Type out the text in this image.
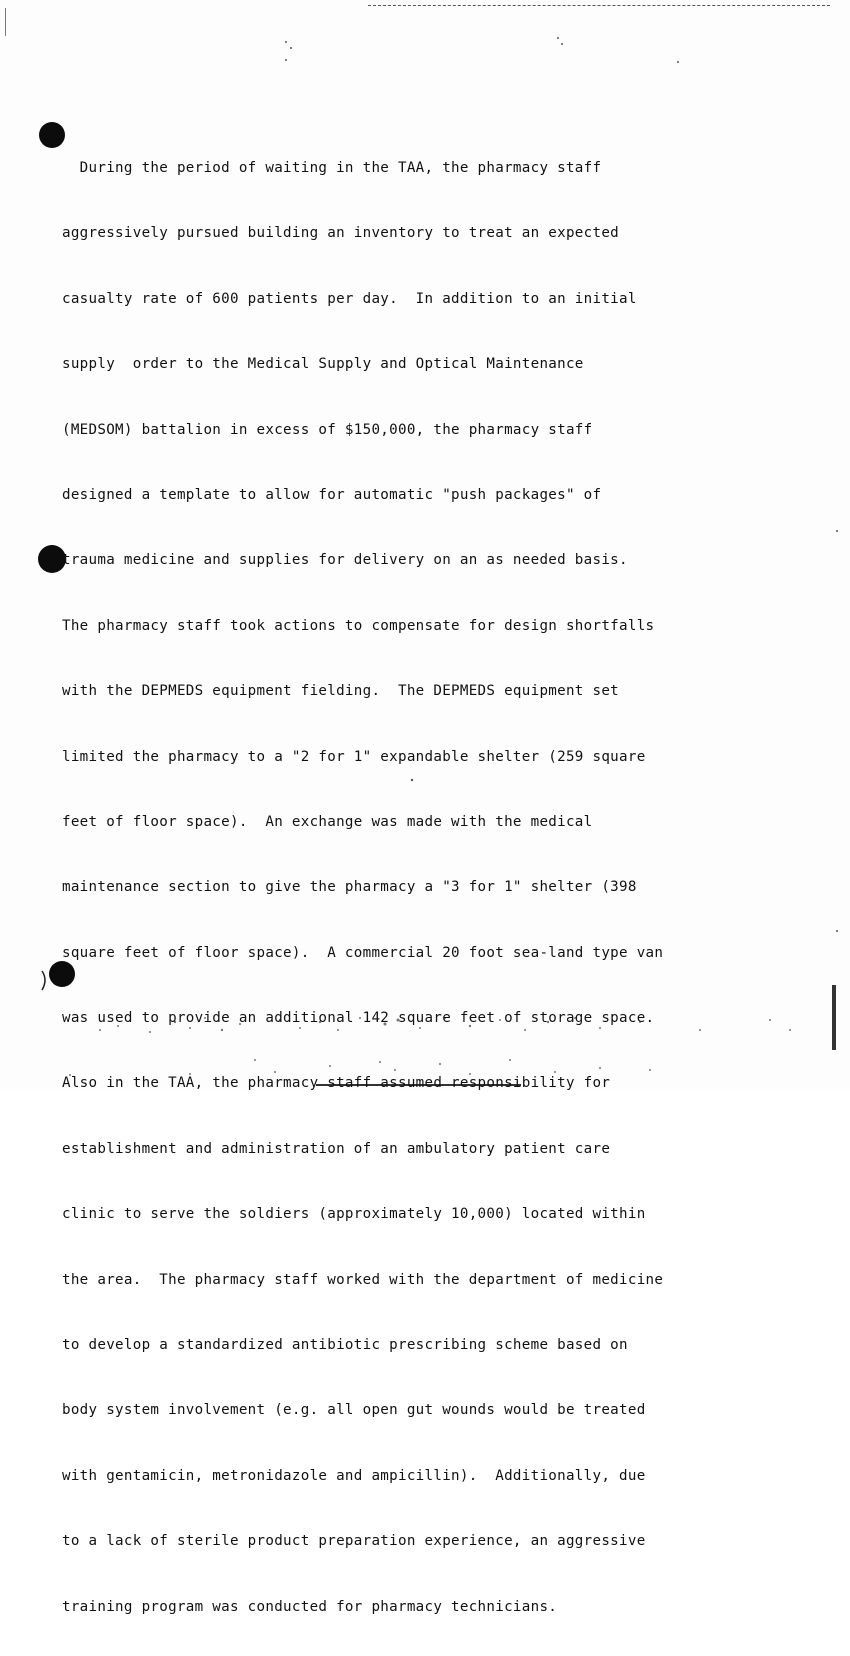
During the period of waiting in the TAA, the pharmacy staff

aggressively pursued building an inventory to treat an expected

casualty rate of 600 patients per day.  In addition to an initial

supply  order to the Medical Supply and Optical Maintenance

(MEDSOM) battalion in excess of $150,000, the pharmacy staff

designed a template to allow for automatic "push packages" of

trauma medicine and supplies for delivery on an as needed basis.

The pharmacy staff took actions to compensate for design shortfalls

with the DEPMEDS equipment fielding.  The DEPMEDS equipment set

limited the pharmacy to a "2 for 1" expandable shelter (259 square

feet of floor space).  An exchange was made with the medical

maintenance section to give the pharmacy a "3 for 1" shelter (398

square feet of floor space).  A commercial 20 foot sea-land type van

was used to provide an additional 142 square feet of storage space.

Also in the TAA, the pharmacy staff assumed responsibility for

establishment and administration of an ambulatory patient care

clinic to serve the soldiers (approximately 10,000) located within

the area.  The pharmacy staff worked with the department of medicine

to develop a standardized antibiotic prescribing scheme based on

body system involvement (e.g. all open gut wounds would be treated

with gentamicin, metronidazole and ampicillin).  Additionally, due

to a lack of sterile product preparation experience, an aggressive

training program was conducted for pharmacy technicians.
